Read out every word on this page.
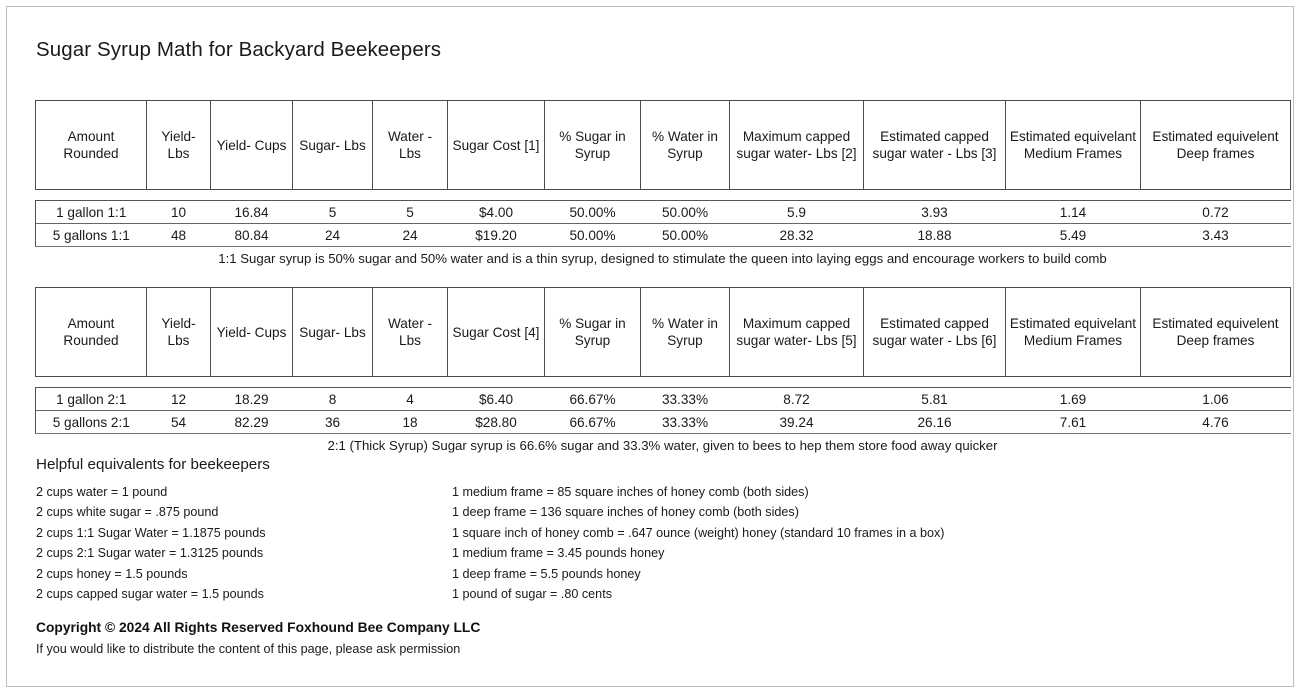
Sugar Syrup Math for Backyard Beekeepers
Amount Rounded	Yield- Lbs	Yield- Cups	Sugar- Lbs	Water - Lbs	Sugar Cost [1]	% Sugar in Syrup	% Water in Syrup	Maximum capped sugar water- Lbs [2]	Estimated capped sugar water - Lbs [3]	Estimated equivelant Medium Frames	Estimated equivelent Deep frames
1 gallon 1:1	10	16.84	5	5	$4.00	50.00%	50.00%	5.9	3.93	1.14	0.72
5 gallons 1:1	48	80.84	24	24	$19.20	50.00%	50.00%	28.32	18.88	5.49	3.43
1:1 Sugar syrup is 50% sugar and 50% water and is a thin syrup, designed to stimulate the queen into laying eggs and encourage workers to build comb
Amount Rounded	Yield- Lbs	Yield- Cups	Sugar- Lbs	Water - Lbs	Sugar Cost [4]	% Sugar in Syrup	% Water in Syrup	Maximum capped sugar water- Lbs [5]	Estimated capped sugar water - Lbs [6]	Estimated equivelant Medium Frames	Estimated equivelent Deep frames
1 gallon 2:1	12	18.29	8	4	$6.40	66.67%	33.33%	8.72	5.81	1.69	1.06
5 gallons 2:1	54	82.29	36	18	$28.80	66.67%	33.33%	39.24	26.16	7.61	4.76
2:1 (Thick Syrup) Sugar syrup is 66.6% sugar and 33.3% water, given to bees to hep them store food away quicker
Helpful equivalents for beekeepers
2 cups water = 1 pound
2 cups white sugar = .875 pound
2 cups 1:1 Sugar Water = 1.1875 pounds
2 cups 2:1 Sugar water = 1.3125 pounds
2 cups honey = 1.5 pounds
2 cups capped sugar water = 1.5 pounds
1 medium frame = 85 square inches of honey comb (both sides)
1 deep frame = 136 square inches of honey comb (both sides)
1 square inch of honey comb = .647 ounce (weight) honey (standard 10 frames in a box)
1 medium frame = 3.45 pounds honey
1 deep frame = 5.5 pounds honey
1 pound of sugar = .80 cents
Copyright © 2024 All Rights Reserved Foxhound Bee Company LLC
If you would like to distribute the content of this page, please ask permission
